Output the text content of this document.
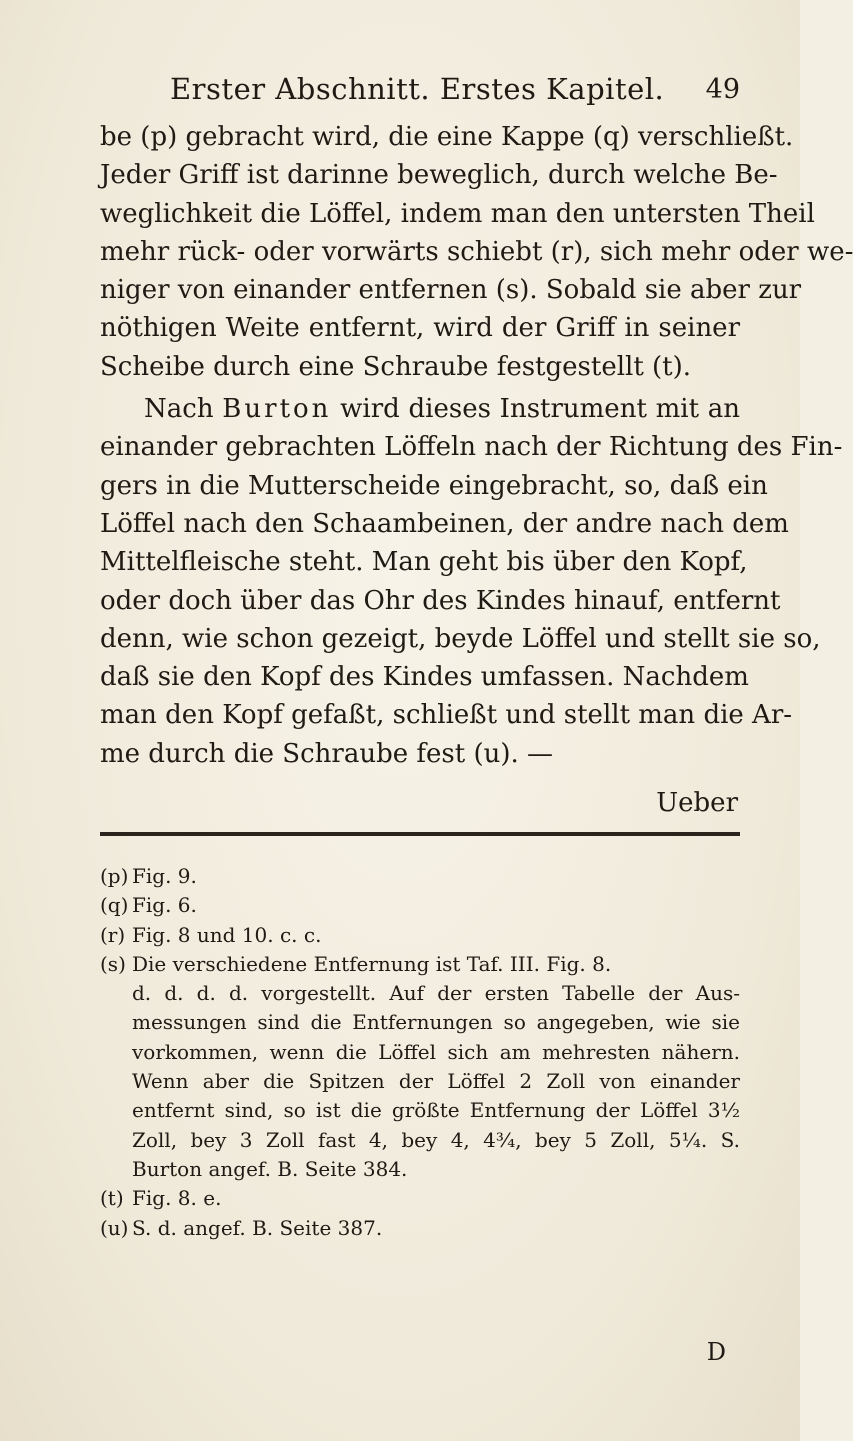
Erster Abschnitt. Erstes Kapitel. 49
be (p) gebracht wird, die eine Kappe (q) verschließt.
Jeder Griff ist darinne beweglich, durch welche Be-
weglichkeit die Löffel, indem man den untersten Theil
mehr rück- oder vorwärts schiebt (r), sich mehr oder we-
niger von einander entfernen (s). Sobald sie aber zur
nöthigen Weite entfernt, wird der Griff in seiner
Scheibe durch eine Schraube festgestellt (t).
Nach Burton wird dieses Instrument mit an
einander gebrachten Löffeln nach der Richtung des Fin-
gers in die Mutterscheide eingebracht, so, daß ein
Löffel nach den Schaambeinen, der andre nach dem
Mittelfleische steht. Man geht bis über den Kopf,
oder doch über das Ohr des Kindes hinauf, entfernt
denn, wie schon gezeigt, beyde Löffel und stellt sie so,
daß sie den Kopf des Kindes umfassen. Nachdem
man den Kopf gefaßt, schließt und stellt man die Ar-
me durch die Schraube fest (u). —
Ueber
(p) Fig. 9.
(q) Fig. 6.
(r) Fig. 8 und 10. c. c.
(s) Die verschiedene Entfernung ist Taf. III. Fig. 8.
d. d. d. d. vorgestellt. Auf der ersten Tabelle der Aus-
messungen sind die Entfernungen so angegeben, wie sie
vorkommen, wenn die Löffel sich am mehresten nähern.
Wenn aber die Spitzen der Löffel 2 Zoll von einander
entfernt sind, so ist die größte Entfernung der Löffel 3½
Zoll, bey 3 Zoll fast 4, bey 4, 4¾, bey 5 Zoll, 5¼. S.
Burton angef. B. Seite 384.
(t) Fig. 8. e.
(u) S. d. angef. B. Seite 387.
D
